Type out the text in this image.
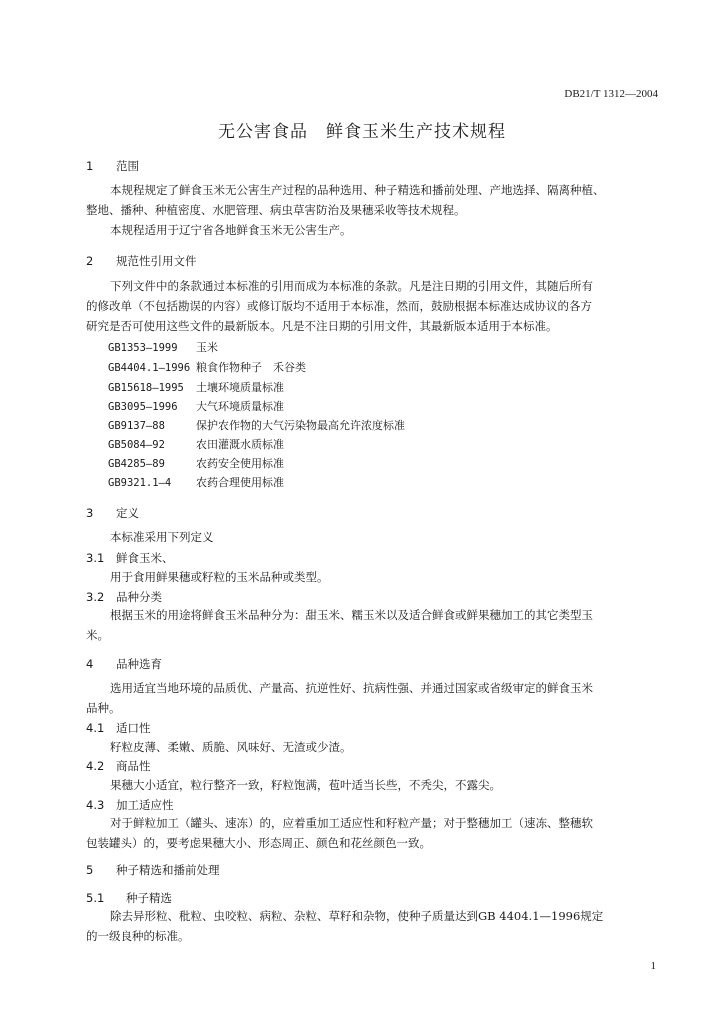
DB21/T 1312—2004
无公害食品　鲜食玉米生产技术规程
1 范围
本规程规定了鲜食玉米无公害生产过程的品种选用、种子精选和播前处理、产地选择、隔离种植、
整地、播种、种植密度、水肥管理、病虫草害防治及果穗采收等技术规程。
本规程适用于辽宁省各地鲜食玉米无公害生产。
2 规范性引用文件
下列文件中的条款通过本标准的引用而成为本标准的条款。凡是注日期的引用文件，其随后所有
的修改单（不包括勘误的内容）或修订版均不适用于本标准，然而，鼓励根据本标准达成协议的各方
研究是否可使用这些文件的最新版本。凡是不注日期的引用文件，其最新版本适用于本标准。
GB1353—1999 玉米
GB4404.1—1996 粮食作物种子　禾谷类
GB15618—1995 土壤环境质量标准
GB3095—1996 大气环境质量标准
GB9137—88	保护农作物的大气污染物最高允许浓度标准
GB5084—92	农田灌溉水质标准
GB4285—89	农药安全使用标准
GB9321.1—4 农药合理使用标准
3 定义
本标准采用下列定义
3.1 鲜食玉米、
用于食用鲜果穗或籽粒的玉米品种或类型。
3.2 品种分类
根据玉米的用途将鲜食玉米品种分为：甜玉米、糯玉米以及适合鲜食或鲜果穗加工的其它类型玉
米。
4 品种选育
选用适宜当地环境的品质优、产量高、抗逆性好、抗病性强、并通过国家或省级审定的鲜食玉米
品种。
4.1 适口性
籽粒皮薄、柔嫩、质脆、风味好、无渣或少渣。
4.2 商品性
果穗大小适宜，粒行整齐一致，籽粒饱满，苞叶适当长些，不秃尖，不露尖。
4.3 加工适应性
对于鲜粒加工（罐头、速冻）的，应着重加工适应性和籽粒产量；对于整穗加工（速冻、整穗软
包装罐头）的，要考虑果穗大小、形态周正、颜色和花丝颜色一致。
5 种子精选和播前处理
5.1 种子精选
除去异形粒、秕粒、虫咬粒、病粒、杂粒、草籽和杂物，使种子质量达到GB 4404.1—1996规定
的一级良种的标准。
1
